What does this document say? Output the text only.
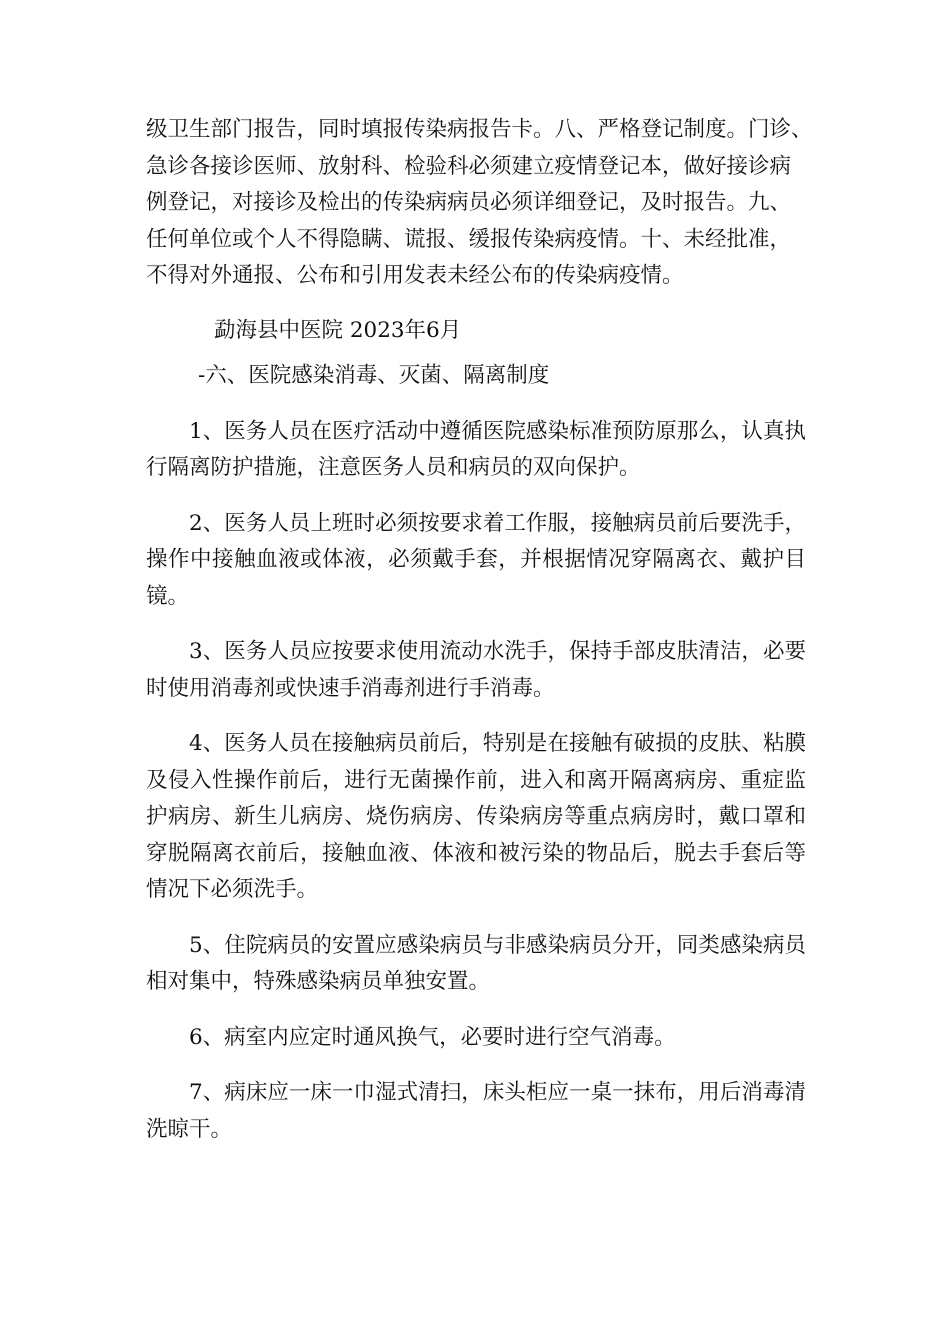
级卫生部门报告，同时填报传染病报告卡。八、严格登记制度。门诊、

急诊各接诊医师、放射科、检验科必须建立疫情登记本，做好接诊病

例登记，对接诊及检出的传染病病员必须详细登记，及时报告。九、

任何单位或个人不得隐瞒、谎报、缓报传染病疫情。十、未经批准，

不得对外通报、公布和引用发表未经公布的传染病疫情。

勐海县中医院 2023年6月

-六、医院感染消毒、灭菌、隔离制度

1、医务人员在医疗活动中遵循医院感染标准预防原那么，认真执行隔离防护措施，注意医务人员和病员的双向保护。

2、医务人员上班时必须按要求着工作服，接触病员前后要洗手，操作中接触血液或体液，必须戴手套，并根据情况穿隔离衣、戴护目镜。

3、医务人员应按要求使用流动水洗手，保持手部皮肤清洁，必要时使用消毒剂或快速手消毒剂进行手消毒。

4、医务人员在接触病员前后，特别是在接触有破损的皮肤、粘膜及侵入性操作前后，进行无菌操作前，进入和离开隔离病房、重症监护病房、新生儿病房、烧伤病房、传染病房等重点病房时，戴口罩和穿脱隔离衣前后，接触血液、体液和被污染的物品后，脱去手套后等情况下必须洗手。

5、住院病员的安置应感染病员与非感染病员分开，同类感染病员相对集中，特殊感染病员单独安置。

6、病室内应定时通风换气，必要时进行空气消毒。

7、病床应一床一巾湿式清扫，床头柜应一桌一抹布，用后消毒清洗晾干。
